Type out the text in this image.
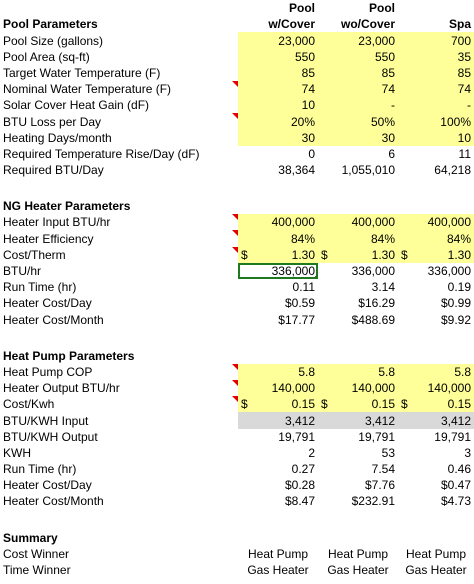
	Pool	Pool	
Pool Parameters	w/Cover	wo/Cover	Spa
Pool Size (gallons)	23,000	23,000	700
Pool Area (sq-ft)	550	550	35
Target Water Temperature (F)	85	85	85
Nominal Water Temperature (F)	74	74	74
Solar Cover Heat Gain (dF)	10	-	-
BTU Loss per Day	20%	50%	100%
Heating Days/month	30	30	10
Required Temperature Rise/Day (dF)	0	6	11
Required BTU/Day	38,364	1,055,010	64,218

NG Heater Parameters			
Heater Input BTU/hr	400,000	400,000	400,000
Heater Efficiency	84%	84%	84%
Cost/Therm	$ 1.30	$ 1.30	$ 1.30

BTU/hr	336,000	336,000	336,000
Run Time (hr)	0.11	3.14	0.19
Heater Cost/Day	$0.59	$16.29	$0.99
Heater Cost/Month	$17.77	$488.69	$9.92

Heat Pump Parameters			
Heat Pump COP	5.8	5.8	5.8
Heater Output BTU/hr	140,000	140,000	140,000
Cost/Kwh	$ 0.15	$ 0.15	$ 0.15

BTU/KWH Input	3,412	3,412	3,412
BTU/KWH Output	19,791	19,791	19,791
KWH	2	53	3
Run Time (hr)	0.27	7.54	0.46
Heater Cost/Day	$0.28	$7.76	$0.47
Heater Cost/Month	$8.47	$232.91	$4.73

Summary			
Cost Winner	Heat Pump	Heat Pump	Heat Pump
Time Winner	Gas Heater	Gas Heater	Gas Heater
